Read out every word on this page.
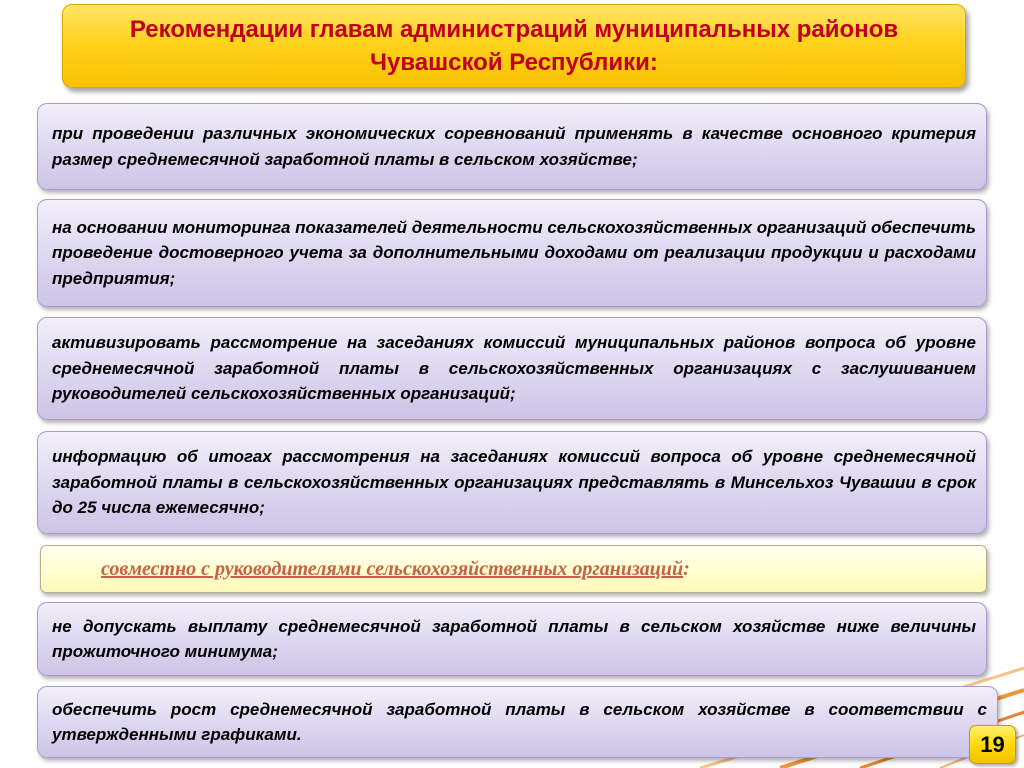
Рекомендации главам администраций муниципальных районов
Чувашской Республики:

при проведении различных экономических соревнований применять в качестве основного критерия размер среднемесячной заработной платы в сельском хозяйстве;

на основании мониторинга показателей деятельности сельскохозяйственных организаций обеспечить проведение достоверного учета за дополнительными доходами от реализации продукции и расходами предприятия;

активизировать рассмотрение на заседаниях комиссий муниципальных районов вопроса об уровне среднемесячной заработной платы в сельскохозяйственных организациях с заслушиванием руководителей сельскохозяйственных организаций;

информацию об итогах рассмотрения на заседаниях комиссий вопроса об уровне среднемесячной заработной платы в сельскохозяйственных организациях представлять в Минсельхоз Чувашии в срок до 25 числа ежемесячно;

совместно с руководителями сельскохозяйственных организаций:

не допускать выплату среднемесячной заработной платы в сельском хозяйстве ниже величины прожиточного минимума;

обеспечить рост среднемесячной заработной платы в сельском хозяйстве в соответствии с утвержденными графиками.	19
